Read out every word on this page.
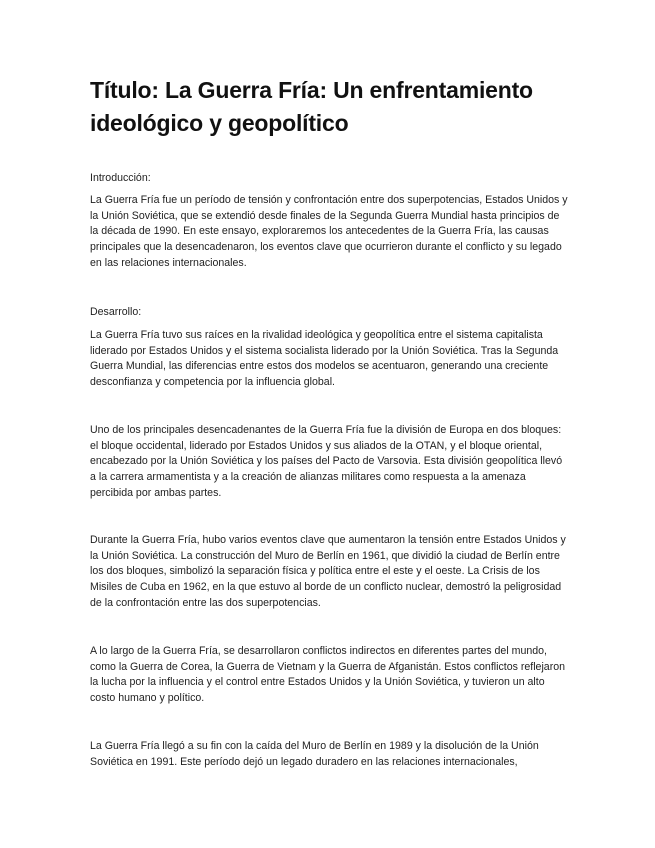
Título: La Guerra Fría: Un enfrentamiento ideológico y geopolítico

Introducción:

La Guerra Fría fue un período de tensión y confrontación entre dos superpotencias, Estados Unidos y la Unión Soviética, que se extendió desde finales de la Segunda Guerra Mundial hasta principios de la década de 1990. En este ensayo, exploraremos los antecedentes de la Guerra Fría, las causas principales que la desencadenaron, los eventos clave que ocurrieron durante el conflicto y su legado en las relaciones internacionales.

Desarrollo:

La Guerra Fría tuvo sus raíces en la rivalidad ideológica y geopolítica entre el sistema capitalista liderado por Estados Unidos y el sistema socialista liderado por la Unión Soviética. Tras la Segunda Guerra Mundial, las diferencias entre estos dos modelos se acentuaron, generando una creciente desconfianza y competencia por la influencia global.

Uno de los principales desencadenantes de la Guerra Fría fue la división de Europa en dos bloques: el bloque occidental, liderado por Estados Unidos y sus aliados de la OTAN, y el bloque oriental, encabezado por la Unión Soviética y los países del Pacto de Varsovia. Esta división geopolítica llevó a la carrera armamentista y a la creación de alianzas militares como respuesta a la amenaza percibida por ambas partes.

Durante la Guerra Fría, hubo varios eventos clave que aumentaron la tensión entre Estados Unidos y la Unión Soviética. La construcción del Muro de Berlín en 1961, que dividió la ciudad de Berlín entre los dos bloques, simbolizó la separación física y política entre el este y el oeste. La Crisis de los Misiles de Cuba en 1962, en la que estuvo al borde de un conflicto nuclear, demostró la peligrosidad de la confrontación entre las dos superpotencias.

A lo largo de la Guerra Fría, se desarrollaron conflictos indirectos en diferentes partes del mundo, como la Guerra de Corea, la Guerra de Vietnam y la Guerra de Afganistán. Estos conflictos reflejaron la lucha por la influencia y el control entre Estados Unidos y la Unión Soviética, y tuvieron un alto costo humano y político.

La Guerra Fría llegó a su fin con la caída del Muro de Berlín en 1989 y la disolución de la Unión Soviética en 1991. Este período dejó un legado duradero en las relaciones internacionales,
